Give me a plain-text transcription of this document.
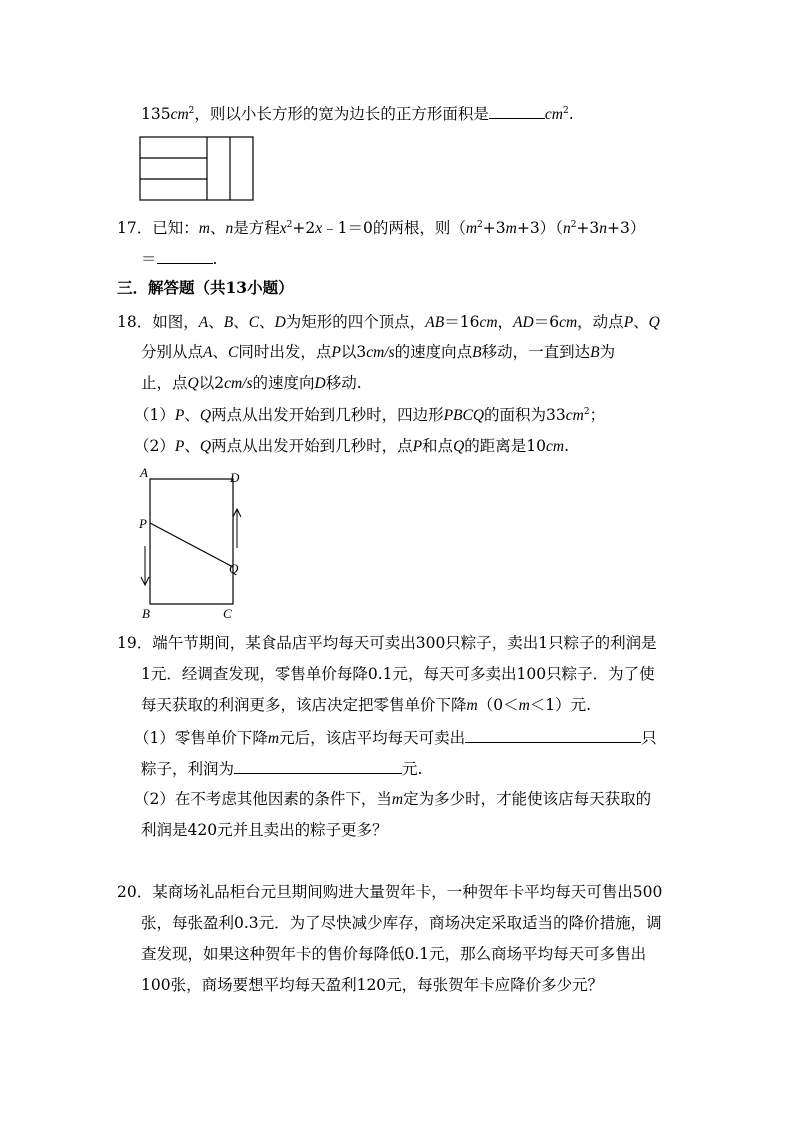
$135cm^2$，则以小长方形的宽为边长的正方形面积是	$cm^2$.
17．已知：m、n是方程$x^2+2x﹣1=0$的两根，则$(m^2+3m+3)(n^2+3n+3)$
＝	.
三．解答题（共13小题）
18．如图，A、B、C、D为矩形的四个顶点，AB＝16cm，AD＝6cm，动点P、Q
分别从点A、C同时出发，点P以3cm/s的速度向点B移动，一直到达B为
止，点Q以2cm/s的速度向D移动.
（1）P、Q两点从出发开始到几秒时，四边形PBCQ的面积为$33cm^2$；
（2）P、Q两点从出发开始到几秒时，点P和点Q的距离是10cm.
A	D
P
Q
B	C
19．端午节期间，某食品店平均每天可卖出300只粽子，卖出1只粽子的利润是
1元．经调查发现，零售单价每降0.1元，每天可多卖出100只粽子．为了使
每天获取的利润更多，该店决定把零售单价下降m（0＜m＜1）元.
（1）零售单价下降m元后，该店平均每天可卖出	只
粽子，利润为	元.
（2）在不考虑其他因素的条件下，当m定为多少时，才能使该店每天获取的
利润是420元并且卖出的粽子更多？
20．某商场礼品柜台元旦期间购进大量贺年卡，一种贺年卡平均每天可售出500
张，每张盈利0.3元．为了尽快减少库存，商场决定采取适当的降价措施，调
查发现，如果这种贺年卡的售价每降低0.1元，那么商场平均每天可多售出
100张，商场要想平均每天盈利120元，每张贺年卡应降价多少元？
